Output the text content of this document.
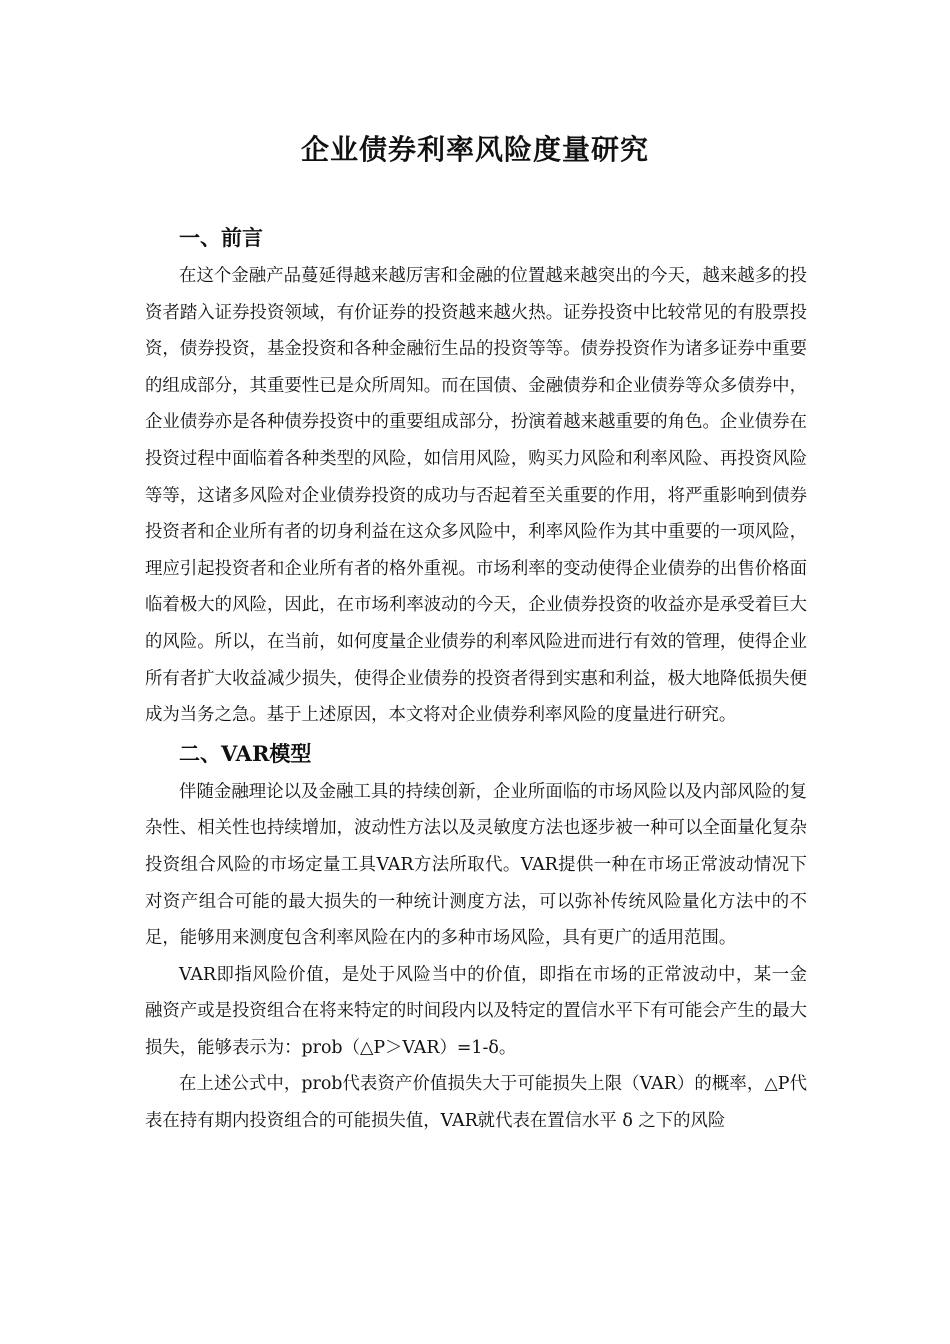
企业债券利率风险度量研究
一、前言

在这个金融产品蔓延得越来越厉害和金融的位置越来越突出的今天，越来越多的投资者踏入证券投资领域，有价证券的投资越来越火热。证券投资中比较常见的有股票投资，债券投资，基金投资和各种金融衍生品的投资等等。债券投资作为诸多证券中重要的组成部分，其重要性已是众所周知。而在国债、金融债券和企业债券等众多债券中，企业债券亦是各种债券投资中的重要组成部分，扮演着越来越重要的角色。企业债券在投资过程中面临着各种类型的风险，如信用风险，购买力风险和利率风险、再投资风险等等，这诸多风险对企业债券投资的成功与否起着至关重要的作用，将严重影响到债券投资者和企业所有者的切身利益在这众多风险中，利率风险作为其中重要的一项风险，理应引起投资者和企业所有者的格外重视。市场利率的变动使得企业债券的出售价格面临着极大的风险，因此，在市场利率波动的今天，企业债券投资的收益亦是承受着巨大的风险。所以，在当前，如何度量企业债券的利率风险进而进行有效的管理，使得企业所有者扩大收益减少损失，使得企业债券的投资者得到实惠和利益，极大地降低损失便成为当务之急。基于上述原因，本文将对企业债券利率风险的度量进行研究。

二、VAR模型

伴随金融理论以及金融工具的持续创新，企业所面临的市场风险以及内部风险的复杂性、相关性也持续增加，波动性方法以及灵敏度方法也逐步被一种可以全面量化复杂投资组合风险的市场定量工具VAR方法所取代。VAR提供一种在市场正常波动情况下对资产组合可能的最大损失的一种统计测度方法，可以弥补传统风险量化方法中的不足，能够用来测度包含利率风险在内的多种市场风险，具有更广的适用范围。

VAR即指风险价值，是处于风险当中的价值，即指在市场的正常波动中，某一金融资产或是投资组合在将来特定的时间段内以及特定的置信水平下有可能会产生的最大损失，能够表示为：prob（△P＞VAR）=1-δ。

在上述公式中，prob代表资产价值损失大于可能损失上限（VAR）的概率，△P代表在持有期内投资组合的可能损失值，VAR就代表在置信水平 δ 之下的风险
